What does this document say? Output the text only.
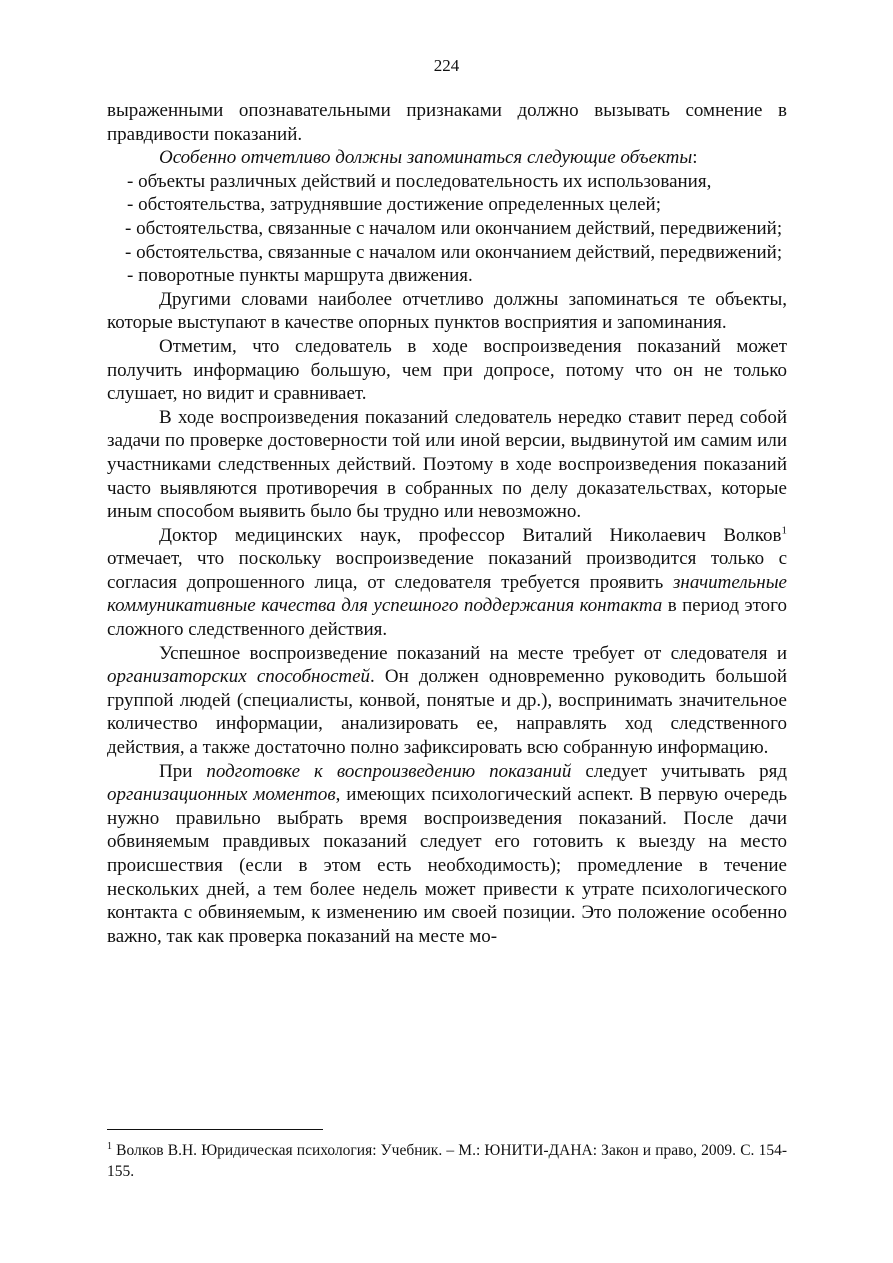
224

выраженными опознавательными признаками должно вызывать сомнение в правдивости показаний.

Особенно отчетливо должны запоминаться следующие объекты:

- объекты различных действий и последовательность их использования,

- обстоятельства, затруднявшие достижение определенных целей;

- обстоятельства, связанные с началом или окончанием действий, передвижений;

- обстоятельства, связанные с началом или окончанием действий, передвижений;

- поворотные пункты маршрута движения.

Другими словами наиболее отчетливо должны запоминаться те объекты, которые выступают в качестве опорных пунктов восприятия и запоминания.

Отметим, что следователь в ходе воспроизведения показаний может получить информацию большую, чем при допросе, потому что он не только слушает, но видит и сравнивает.

В ходе воспроизведения показаний следователь нередко ставит перед собой задачи по проверке достоверности той или иной версии, выдвинутой им самим или участниками следственных действий. Поэтому в ходе воспроизведения показаний часто выявляются противоречия в собранных по делу доказательствах, которые иным способом выявить было бы трудно или невозможно.

Доктор медицинских наук, профессор Виталий Николаевич Волков$^1$ отмечает, что поскольку воспроизведение показаний производится только с согласия допрошенного лица, от следователя требуется проявить значительные коммуникативные качества для успешного поддержания контакта в период этого сложного следственного действия.

Успешное воспроизведение показаний на месте требует от следователя и организаторских способностей. Он должен одновременно руководить большой группой людей (специалисты, конвой, понятые и др.), воспринимать значительное количество информации, анализировать ее, направлять ход следственного действия, а также достаточно полно зафиксировать всю собранную информацию.

При подготовке к воспроизведению показаний следует учитывать ряд организационных моментов, имеющих психологический аспект. В первую очередь нужно правильно выбрать время воспроизведения показаний. После дачи обвиняемым правдивых показаний следует его готовить к выезду на место происшествия (если в этом есть необходимость); промедление в течение нескольких дней, а тем более недель может привести к утрате психологического контакта с обвиняемым, к изменению им своей позиции. Это положение особенно важно, так как проверка показаний на месте мо-

$^1$ Волков В.Н. Юридическая психология: Учебник. – М.: ЮНИТИ-ДАНА: Закон и право, 2009. С. 154-155.
